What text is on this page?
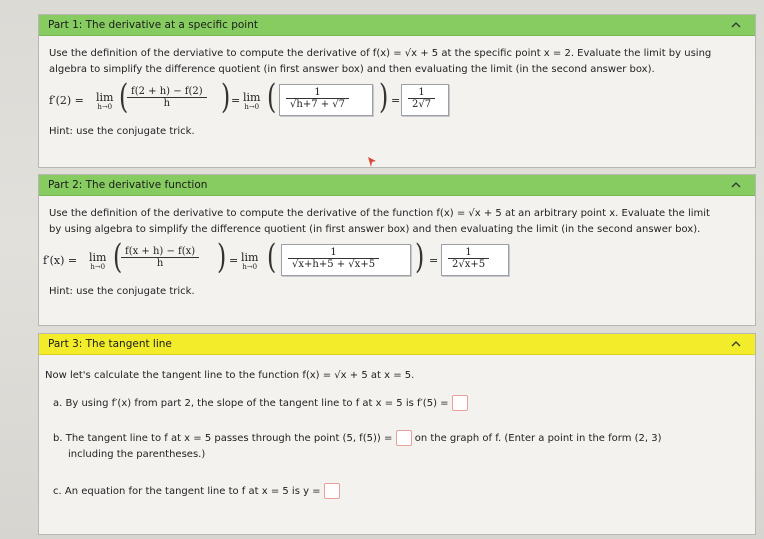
Part 1: The derivative at a specific point
Use the definition of the derviative to compute the derivative of f(x) = √x + 5 at the specific point x = 2. Evaluate the limit by using
algebra to simplify the difference quotient (in first answer box) and then evaluating the limit (in the second answer box).
f′(2) = lim
h→0 (
$\frac{f(2 + h) - f(2)}{h}$ ) = lim
h→0 ( $\frac{1}{√h+7 + √7}$ ) = $\frac{1}{2√7}$
Hint: use the conjugate trick.
Part 2: The derivative function
Use the definition of the derivative to compute the derivative of the function f(x) = √x + 5 at an arbitrary point x. Evaluate the limit
by using algebra to simplify the difference quotient (in first answer box) and then evaluating the limit (in the second answer box).
f′(x) = lim
h→0 (
$\frac{f(x + h) - f(x)}{h}$ ) = lim
h→0 ( $\frac{1}{√x+h+5 + √x+5}$ ) = $\frac{1}{2√x+5}$
Hint: use the conjugate trick.
Part 3: The tangent line
Now let's calculate the tangent line to the function f(x) = √x + 5 at x = 5.
a. By using f′(x) from part 2, the slope of the tangent line to f at x = 5 is f′(5) =
b. The tangent line to f at x = 5 passes through the point (5, f(5)) = on the graph of f. (Enter a point in the form (2, 3)
including the parentheses.)
c. An equation for the tangent line to f at x = 5 is y =
